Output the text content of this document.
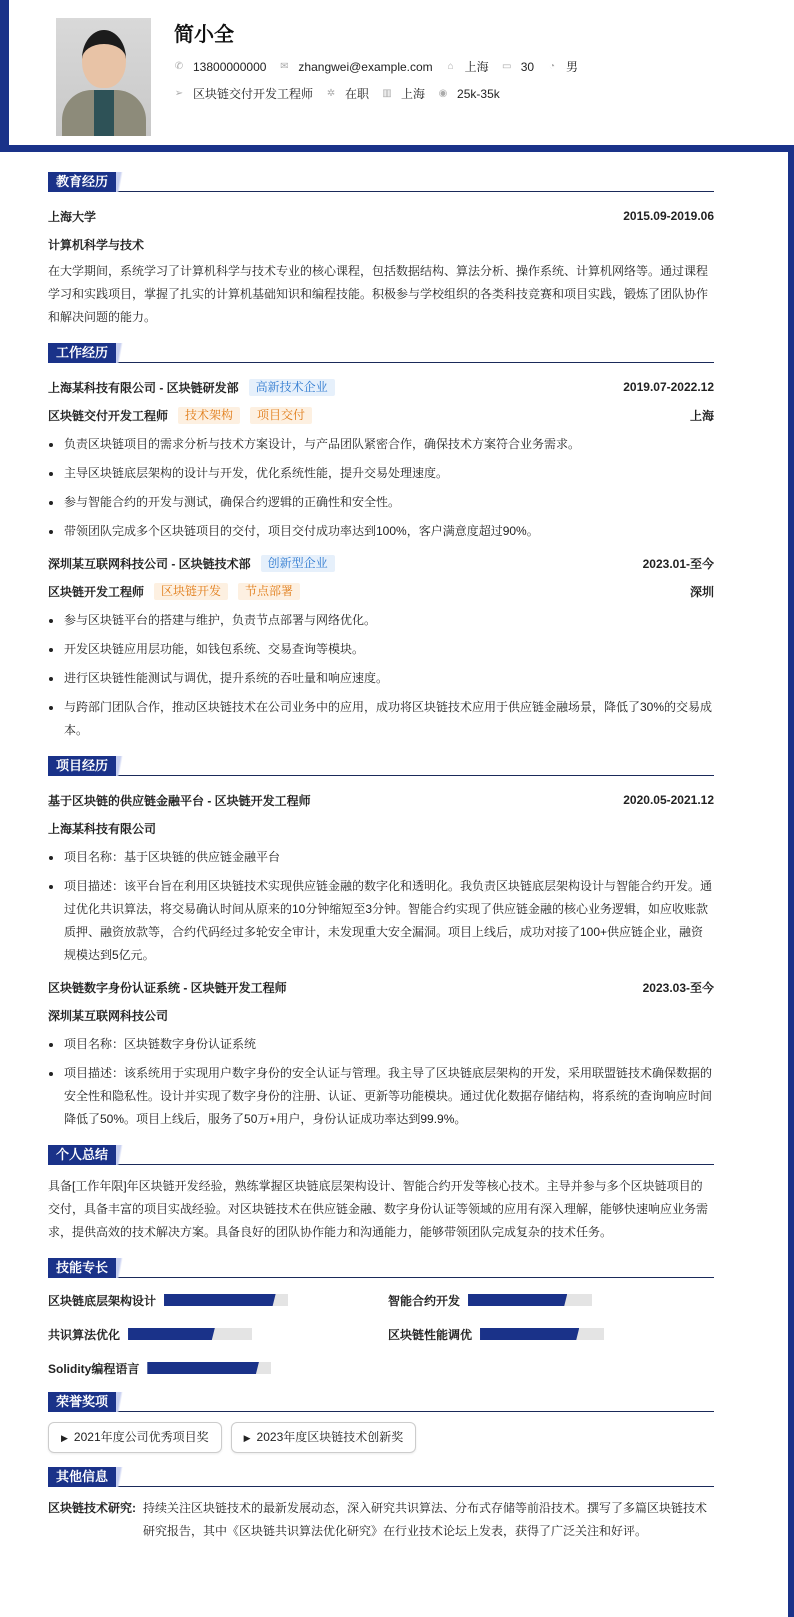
简小全
✆ 13800000000 ✉ zhangwei@example.com ⌂ 上海 ▭ 30 ◔ 男
➢ 区块链交付开发工程师 ✲ 在职 ▥ 上海 ◉ 25k-35k
教育经历
上海大学	2015.09-2019.06
计算机科学与技术

在大学期间，系统学习了计算机科学与技术专业的核心课程，包括数据结构、算法分析、操作系统、计算机网络等。通过课程学习和实践项目，掌握了扎实的计算机基础知识和编程技能。积极参与学校组织的各类科技竞赛和项目实践，锻炼了团队协作和解决问题的能力。

工作经历
上海某科技有限公司 - 区块链研发部	高新技术企业	2019.07-2022.12
区块链交付开发工程师	技术架构	项目交付	上海
负责区块链项目的需求分析与技术方案设计，与产品团队紧密合作，确保技术方案符合业务需求。
主导区块链底层架构的设计与开发，优化系统性能，提升交易处理速度。
参与智能合约的开发与测试，确保合约逻辑的正确性和安全性。
带领团队完成多个区块链项目的交付，项目交付成功率达到100%，客户满意度超过90%。
深圳某互联网科技公司 - 区块链技术部	创新型企业	2023.01-至今
区块链开发工程师	区块链开发	节点部署	深圳
参与区块链平台的搭建与维护，负责节点部署与网络优化。
开发区块链应用层功能，如钱包系统、交易查询等模块。
进行区块链性能测试与调优，提升系统的吞吐量和响应速度。
与跨部门团队合作，推动区块链技术在公司业务中的应用，成功将区块链技术应用于供应链金融场景，降低了30%的交易成本。
项目经历
基于区块链的供应链金融平台 - 区块链开发工程师	2020.05-2021.12
上海某科技有限公司
项目名称：基于区块链的供应链金融平台
项目描述：该平台旨在利用区块链技术实现供应链金融的数字化和透明化。我负责区块链底层架构设计与智能合约开发。通过优化共识算法，将交易确认时间从原来的10分钟缩短至3分钟。智能合约实现了供应链金融的核心业务逻辑，如应收账款质押、融资放款等，合约代码经过多轮安全审计，未发现重大安全漏洞。项目上线后，成功对接了100+供应链企业，融资规模达到5亿元。
区块链数字身份认证系统 - 区块链开发工程师	2023.03-至今
深圳某互联网科技公司
项目名称：区块链数字身份认证系统
项目描述：该系统用于实现用户数字身份的安全认证与管理。我主导了区块链底层架构的开发，采用联盟链技术确保数据的安全性和隐私性。设计并实现了数字身份的注册、认证、更新等功能模块。通过优化数据存储结构，将系统的查询响应时间降低了50%。项目上线后，服务了50万+用户，身份认证成功率达到99.9%。
个人总结

具备[工作年限]年区块链开发经验，熟练掌握区块链底层架构设计、智能合约开发等核心技术。主导并参与多个区块链项目的交付，具备丰富的项目实战经验。对区块链技术在供应链金融、数字身份认证等领域的应用有深入理解，能够快速响应业务需求，提供高效的技术解决方案。具备良好的团队协作能力和沟通能力，能够带领团队完成复杂的技术任务。

技能专长
区块链底层架构设计	智能合约开发
共识算法优化	区块链性能调优
Solidity编程语言
荣誉奖项
▶ 2021年度公司优秀项目奖	▶ 2023年度区块链技术创新奖
其他信息
区块链技术研究: 持续关注区块链技术的最新发展动态，深入研究共识算法、分布式存储等前沿技术。撰写了多篇区块链技术研究报告，其中《区块链共识算法优化研究》在行业技术论坛上发表，获得了广泛关注和好评。
